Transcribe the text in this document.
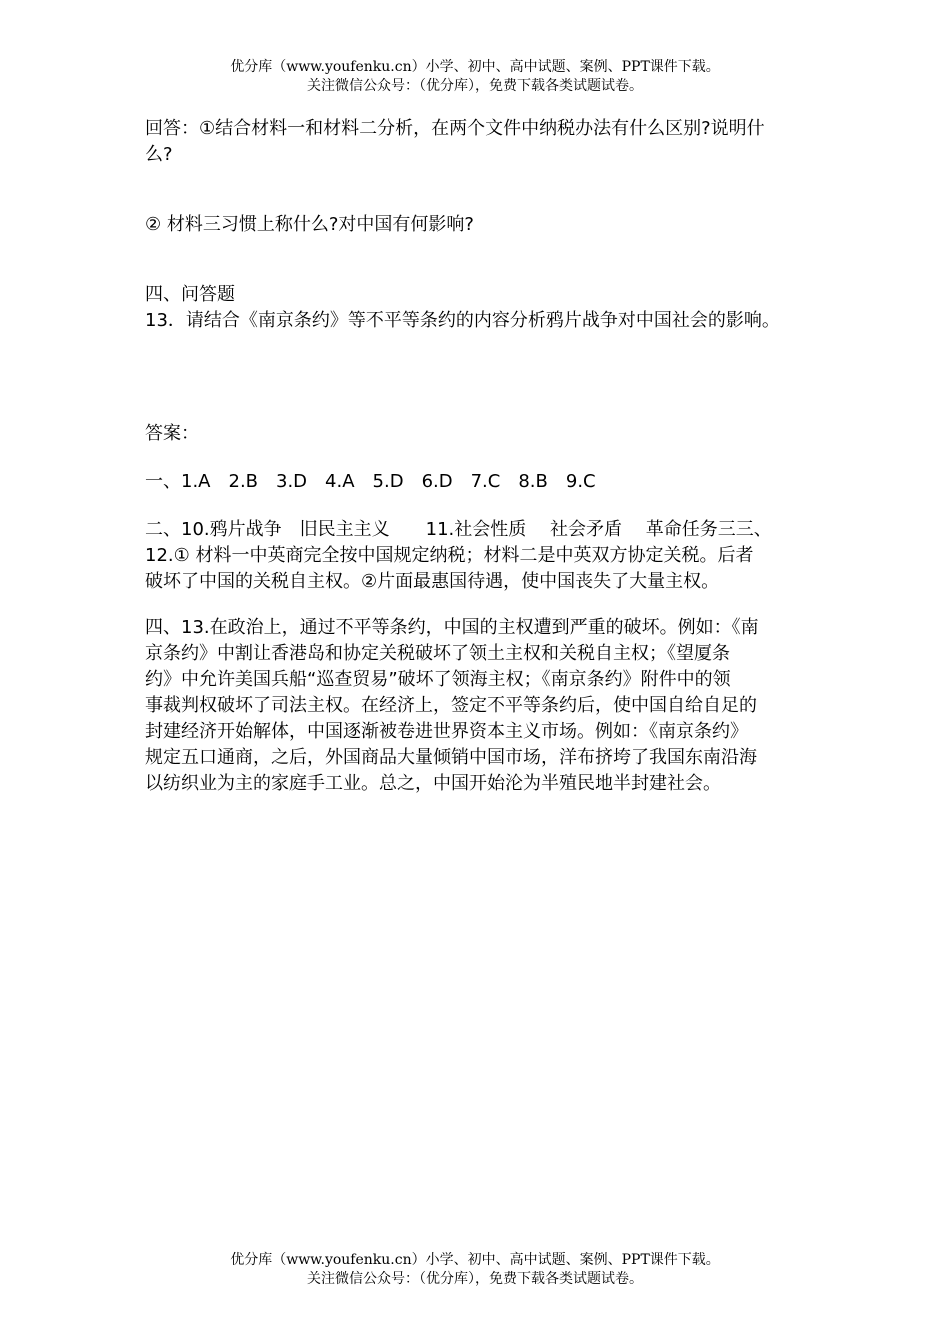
优分库（www.youfenku.cn）小学、初中、高中试题、案例、PPT课件下载。
关注微信公众号：（优分库），免费下载各类试题试卷。
回答：①结合材料一和材料二分析，在两个文件中纳税办法有什么区别?说明什
么?
② 材料三习惯上称什么?对中国有何影响?
四、问答题
13．请结合《南京条约》等不平等条约的内容分析鸦片战争对中国社会的影响。
答案：
一、1.A　2.B　3.D　4.A　5.D　6.D　7.C　8.B　9.C
二、10.鸦片战争　旧民主主义　　11.社会性质　 社会矛盾　 革命任务三三、
12.① 材料一中英商完全按中国规定纳税；材料二是中英双方协定关税。后者
破坏了中国的关税自主权。②片面最惠国待遇，使中国丧失了大量主权。
四、13.在政治上，通过不平等条约，中国的主权遭到严重的破坏。例如：《南
京条约》中割让香港岛和协定关税破坏了领土主权和关税自主权；《望厦条
约》中允许美国兵船“巡查贸易”破坏了领海主权；《南京条约》附件中的领
事裁判权破坏了司法主权。在经济上，签定不平等条约后，使中国自给自足的
封建经济开始解体，中国逐渐被卷进世界资本主义市场。例如：《南京条约》
规定五口通商，之后，外国商品大量倾销中国市场，洋布挤垮了我国东南沿海
以纺织业为主的家庭手工业。总之，中国开始沦为半殖民地半封建社会。
优分库（www.youfenku.cn）小学、初中、高中试题、案例、PPT课件下载。
关注微信公众号：（优分库），免费下载各类试题试卷。
